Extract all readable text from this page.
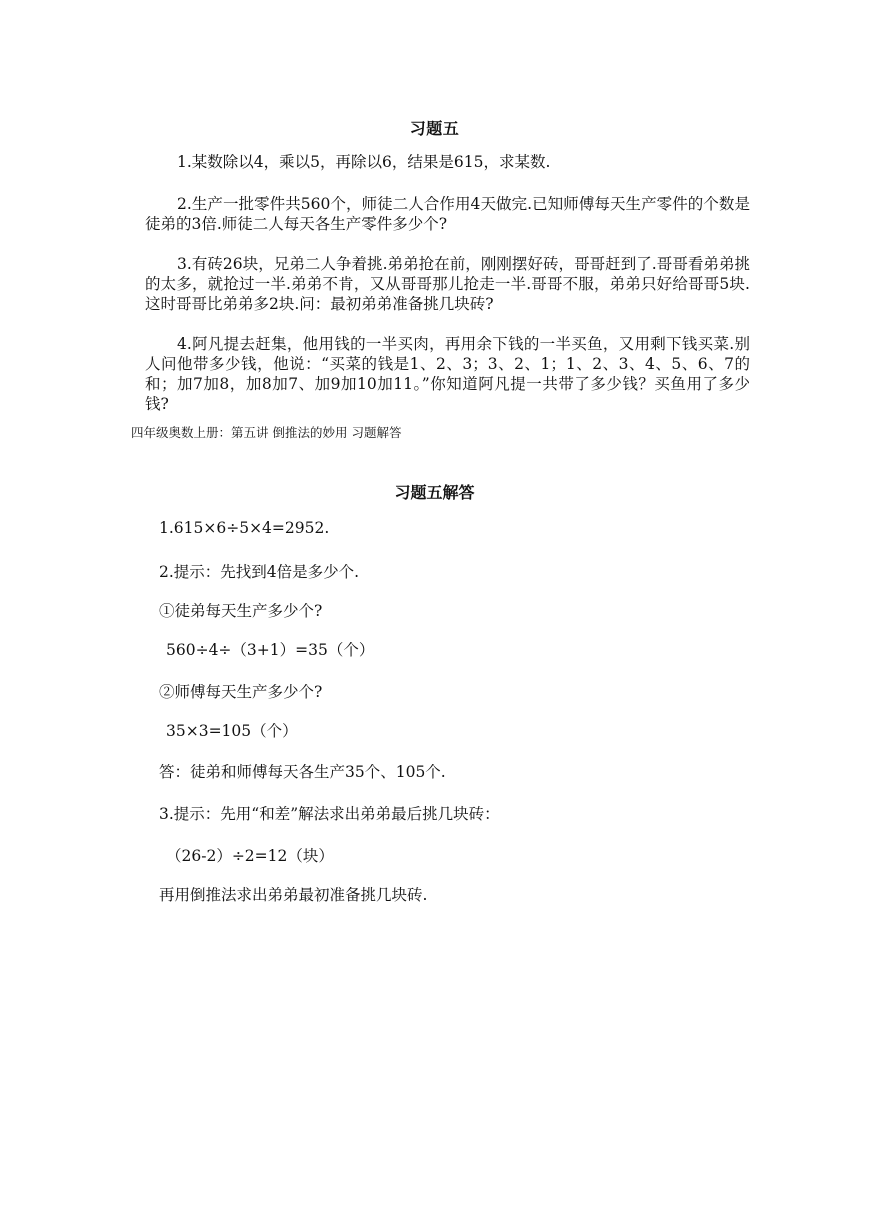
习题五
1.某数除以4，乘以5，再除以6，结果是615，求某数.
2.生产一批零件共560个，师徒二人合作用4天做完.已知师傅每天生产零件的个数是徒弟的3倍.师徒二人每天各生产零件多少个?
3.有砖26块，兄弟二人争着挑.弟弟抢在前，刚刚摆好砖，哥哥赶到了.哥哥看弟弟挑的太多，就抢过一半.弟弟不肯，又从哥哥那儿抢走一半.哥哥不服，弟弟只好给哥哥5块.这时哥哥比弟弟多2块.问：最初弟弟准备挑几块砖?
4.阿凡提去赶集，他用钱的一半买肉，再用余下钱的一半买鱼，又用剩下钱买菜.别人问他带多少钱，他说：“买菜的钱是1、2、3；3、2、1；1、2、3、4、5、6、7的和；加7加8，加8加7、加9加10加11。”你知道阿凡提一共带了多少钱？买鱼用了多少钱?
四年级奥数上册：第五讲 倒推法的妙用 习题解答
习题五解答
1.615×6÷5×4=2952.
2.提示：先找到4倍是多少个.
①徒弟每天生产多少个?
560÷4÷（3+1）=35（个）
②师傅每天生产多少个?
35×3=105（个）
答：徒弟和师傅每天各生产35个、105个.
3.提示：先用“和差”解法求出弟弟最后挑几块砖：
（26-2）÷2=12（块）
再用倒推法求出弟弟最初准备挑几块砖.
